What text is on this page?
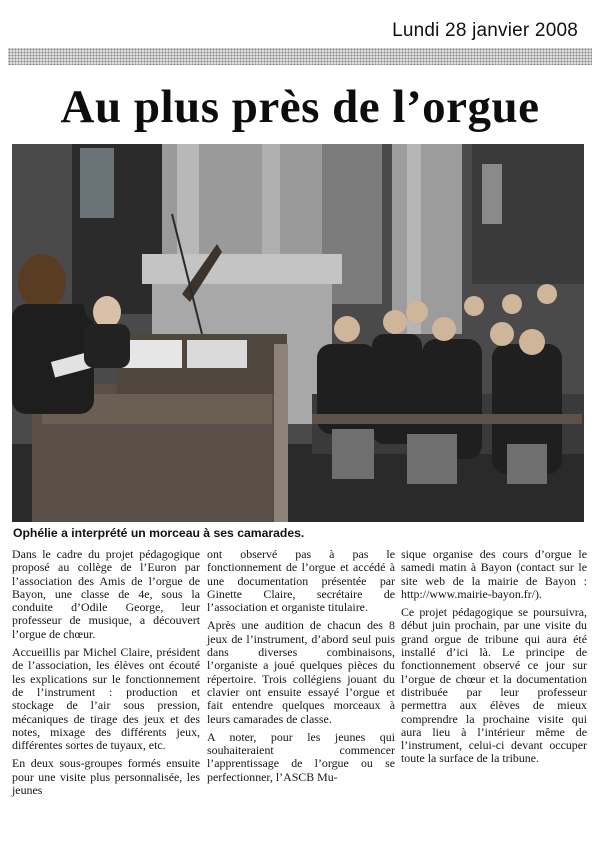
Lundi 28 janvier 2008
Au plus près de l’orgue
Ophélie a interprété un morceau à ses camarades.

Dans le cadre du projet pédagogique proposé au collège de l’Euron par l’association des Amis de l’orgue de Bayon, une classe de 4e, sous la conduite d’Odile George, leur professeur de musique, a découvert l’orgue de chœur.

Accueillis par Michel Claire, président de l’association, les élèves ont écouté les explications sur le fonctionnement de l’instrument : production et stockage de l’air sous pression, mécaniques de tirage des jeux et des notes, mixage des différents jeux, différentes sortes de tuyaux, etc.

En deux sous-groupes formés ensuite pour une visite plus personnalisée, les jeunes

ont observé pas à pas le fonctionnement de l’orgue et accédé à une documentation présentée par Ginette Claire, secrétaire de l’association et organiste titulaire.

Après une audition de chacun des 8 jeux de l’instrument, d’abord seul puis dans diverses combinaisons, l’organiste a joué quelques pièces du répertoire. Trois collégiens jouant du clavier ont ensuite essayé l’orgue et fait entendre quelques morceaux à leurs camarades de classe.

A noter, pour les jeunes qui souhaiteraient commencer l’apprentissage de l’orgue ou se perfectionner, l’ASCB Mu-

sique organise des cours d’orgue le samedi matin à Bayon (contact sur le site web de la mairie de Bayon : http://www.mairie-bayon.fr/).

Ce projet pédagogique se poursuivra, début juin prochain, par une visite du grand orgue de tribune qui aura été installé d’ici là. Le principe de fonctionnement observé ce jour sur l’orgue de chœur et la documentation distribuée par leur professeur permettra aux élèves de mieux comprendre la prochaine visite qui aura lieu à l’intérieur même de l’instrument, celui-ci devant occuper toute la surface de la tribune.
